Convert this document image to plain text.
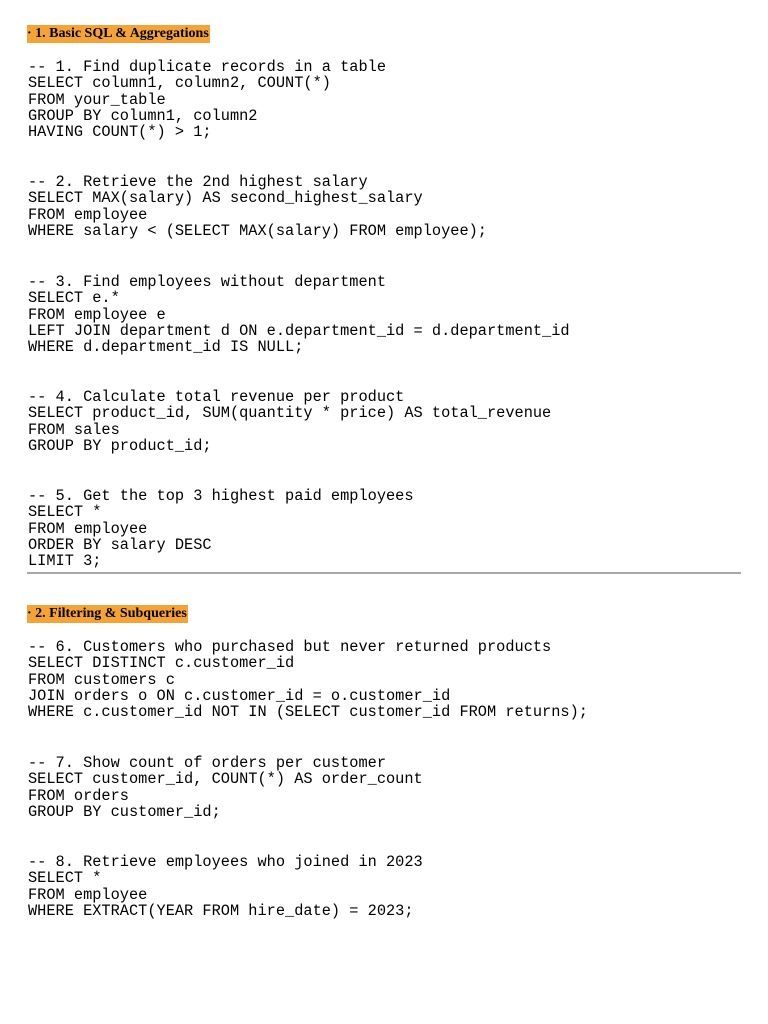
· 1. Basic SQL & Aggregations
-- 1. Find duplicate records in a table
SELECT column1, column2, COUNT(*)
FROM your_table
GROUP BY column1, column2
HAVING COUNT(*) > 1;
-- 2. Retrieve the 2nd highest salary
SELECT MAX(salary) AS second_highest_salary
FROM employee
WHERE salary < (SELECT MAX(salary) FROM employee);
-- 3. Find employees without department
SELECT e.*
FROM employee e
LEFT JOIN department d ON e.department_id = d.department_id
WHERE d.department_id IS NULL;
-- 4. Calculate total revenue per product
SELECT product_id, SUM(quantity * price) AS total_revenue
FROM sales
GROUP BY product_id;
-- 5. Get the top 3 highest paid employees
SELECT *
FROM employee
ORDER BY salary DESC
LIMIT 3;
· 2. Filtering & Subqueries
-- 6. Customers who purchased but never returned products
SELECT DISTINCT c.customer_id
FROM customers c
JOIN orders o ON c.customer_id = o.customer_id
WHERE c.customer_id NOT IN (SELECT customer_id FROM returns);
-- 7. Show count of orders per customer
SELECT customer_id, COUNT(*) AS order_count
FROM orders
GROUP BY customer_id;
-- 8. Retrieve employees who joined in 2023
SELECT *
FROM employee
WHERE EXTRACT(YEAR FROM hire_date) = 2023;
